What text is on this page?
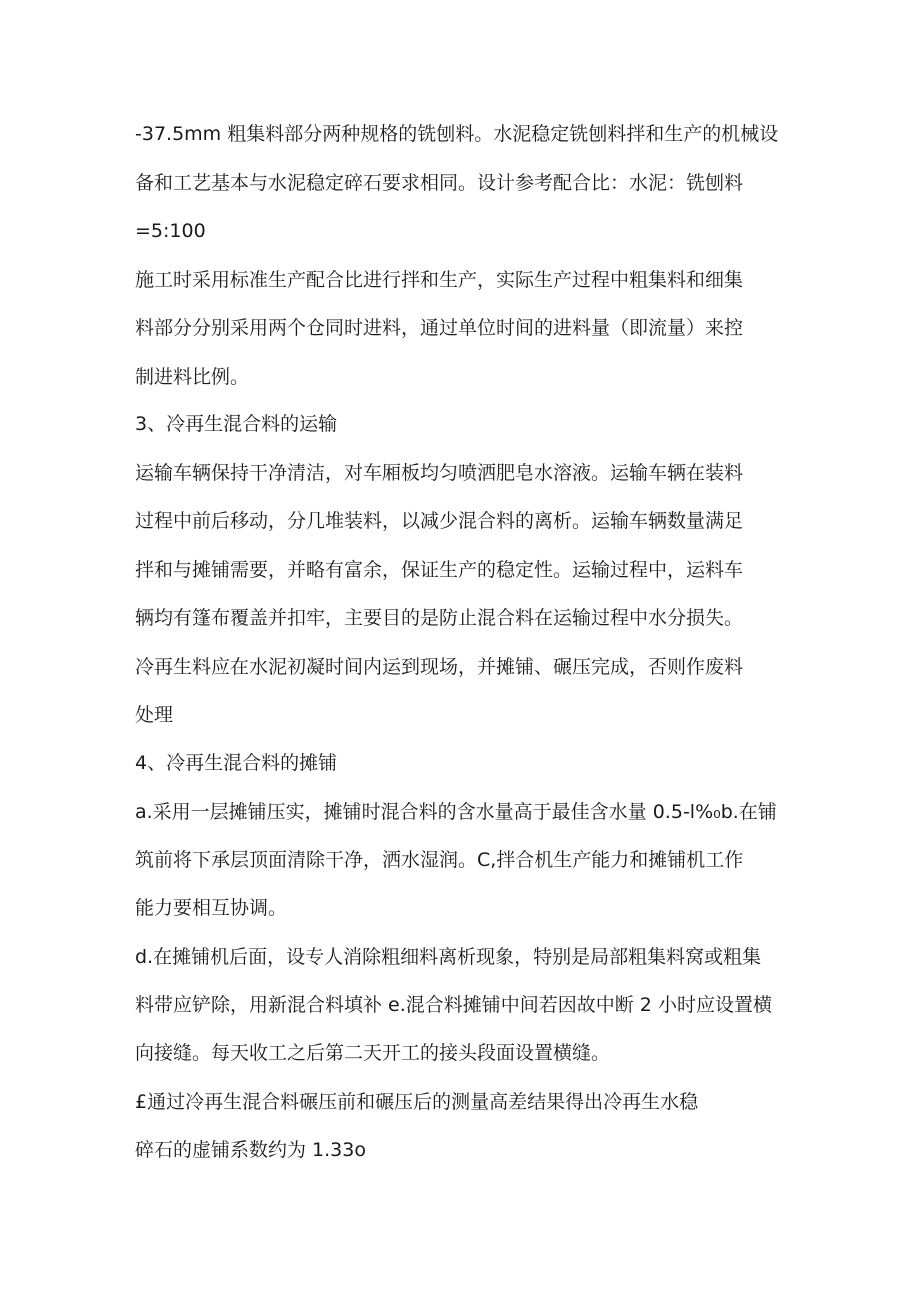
-37.5mm 粗集料部分两种规格的铣刨料。水泥稳定铣刨料拌和生产的机械设
备和工艺基本与水泥稳定碎石要求相同。设计参考配合比：水泥：铣刨料
=5:100
施工时采用标准生产配合比进行拌和生产，实际生产过程中粗集料和细集
料部分分别采用两个仓同时进料，通过单位时间的进料量（即流量）来控
制进料比例。
3、冷再生混合料的运输
运输车辆保持干净清洁，对车厢板均匀喷洒肥皂水溶液。运输车辆在装料
过程中前后移动，分几堆装料，以减少混合料的离析。运输车辆数量满足
拌和与摊铺需要，并略有富余，保证生产的稳定性。运输过程中，运料车
辆均有篷布覆盖并扣牢，主要目的是防止混合料在运输过程中水分损失。
冷再生料应在水泥初凝时间内运到现场，并摊铺、碾压完成，否则作废料
处理
4、冷再生混合料的摊铺
a.采用一层摊铺压实，摊铺时混合料的含水量高于最佳含水量 0.5-l%₀b.在铺
筑前将下承层顶面清除干净，洒水湿润。C,拌合机生产能力和摊铺机工作
能力要相互协调。
d.在摊铺机后面，设专人消除粗细料离析现象，特别是局部粗集料窝或粗集
料带应铲除，用新混合料填补 e.混合料摊铺中间若因故中断 2 小时应设置横
向接缝。每天收工之后第二天开工的接头段面设置横缝。
£通过冷再生混合料碾压前和碾压后的测量高差结果得出冷再生水稳
碎石的虚铺系数约为 1.33o
